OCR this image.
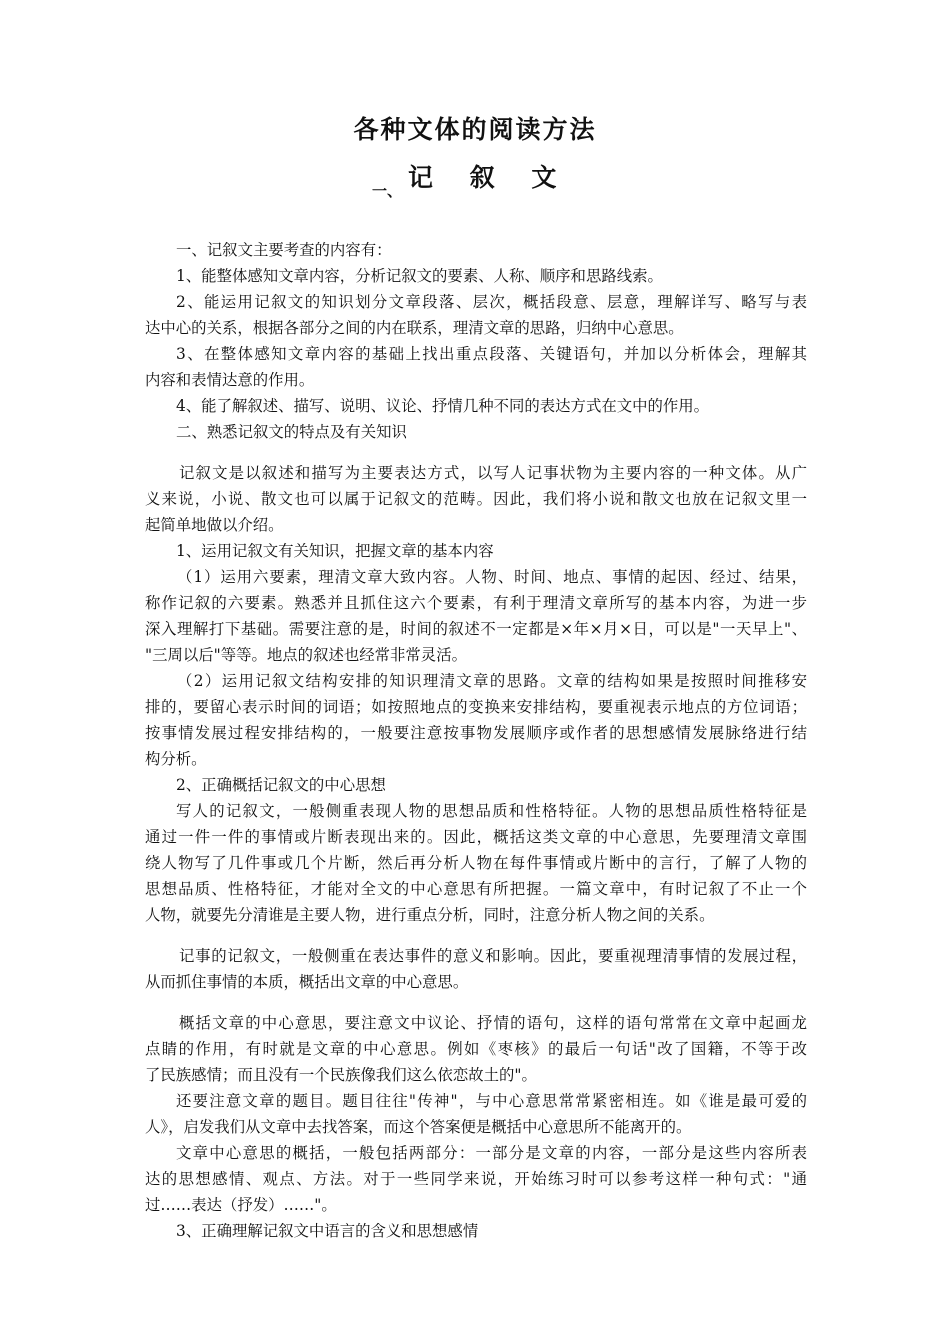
各种文体的阅读方法
记 叙 文
一、
一、记叙文主要考查的内容有：
1、能整体感知文章内容，分析记叙文的要素、人称、顺序和思路线索。
2、能运用记叙文的知识划分文章段落、层次，概括段意、层意，理解详写、略写与表
达中心的关系，根据各部分之间的内在联系，理清文章的思路，归纳中心意思。
3、在整体感知文章内容的基础上找出重点段落、关键语句，并加以分析体会，理解其
内容和表情达意的作用。
4、能了解叙述、描写、说明、议论、抒情几种不同的表达方式在文中的作用。
二、熟悉记叙文的特点及有关知识
记叙文是以叙述和描写为主要表达方式，以写人记事状物为主要内容的一种文体。从广
义来说，小说、散文也可以属于记叙文的范畴。因此，我们将小说和散文也放在记叙文里一
起简单地做以介绍。
1、运用记叙文有关知识，把握文章的基本内容
（1）运用六要素，理清文章大致内容。人物、时间、地点、事情的起因、经过、结果，
称作记叙的六要素。熟悉并且抓住这六个要素，有利于理清文章所写的基本内容，为进一步
深入理解打下基础。需要注意的是，时间的叙述不一定都是×年×月×日，可以是"一天早上"、
"三周以后"等等。地点的叙述也经常非常灵活。
（2）运用记叙文结构安排的知识理清文章的思路。文章的结构如果是按照时间推移安
排的，要留心表示时间的词语；如按照地点的变换来安排结构，要重视表示地点的方位词语；
按事情发展过程安排结构的，一般要注意按事物发展顺序或作者的思想感情发展脉络进行结
构分析。
2、正确概括记叙文的中心思想
写人的记叙文，一般侧重表现人物的思想品质和性格特征。人物的思想品质性格特征是
通过一件一件的事情或片断表现出来的。因此，概括这类文章的中心意思，先要理清文章围
绕人物写了几件事或几个片断，然后再分析人物在每件事情或片断中的言行，了解了人物的
思想品质、性格特征，才能对全文的中心意思有所把握。一篇文章中，有时记叙了不止一个
人物，就要先分清谁是主要人物，进行重点分析，同时，注意分析人物之间的关系。
记事的记叙文，一般侧重在表达事件的意义和影响。因此，要重视理清事情的发展过程，
从而抓住事情的本质，概括出文章的中心意思。
概括文章的中心意思，要注意文中议论、抒情的语句，这样的语句常常在文章中起画龙
点睛的作用，有时就是文章的中心意思。例如《枣核》的最后一句话"改了国籍，不等于改
了民族感情；而且没有一个民族像我们这么依恋故土的"。
还要注意文章的题目。题目往往"传神"，与中心意思常常紧密相连。如《谁是最可爱的
人》，启发我们从文章中去找答案，而这个答案便是概括中心意思所不能离开的。
文章中心意思的概括，一般包括两部分：一部分是文章的内容，一部分是这些内容所表
达的思想感情、观点、方法。对于一些同学来说，开始练习时可以参考这样一种句式："通
过……表达（抒发）……"。
3、正确理解记叙文中语言的含义和思想感情
